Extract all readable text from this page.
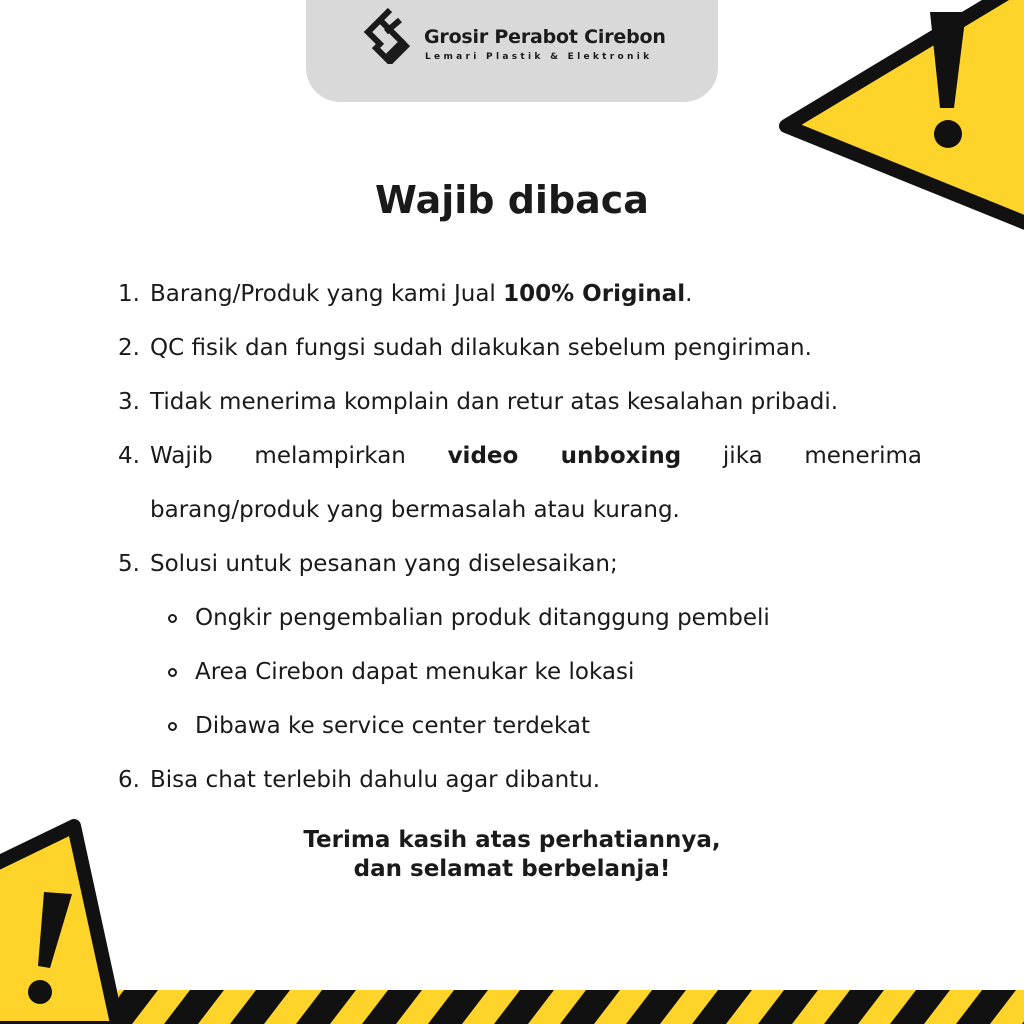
Grosir Perabot Cirebon
Lemari Plastik & Elektronik
Wajib dibaca
1. Barang/Produk yang kami Jual 100% Original.
2. QC fisik dan fungsi sudah dilakukan sebelum pengiriman.
3. Tidak menerima komplain dan retur atas kesalahan pribadi.
4. Wajib melampirkan video unboxing jika menerima
barang/produk yang bermasalah atau kurang.
5. Solusi untuk pesanan yang diselesaikan;
Ongkir pengembalian produk ditanggung pembeli
Area Cirebon dapat menukar ke lokasi
Dibawa ke service center terdekat
6. Bisa chat terlebih dahulu agar dibantu.
Terima kasih atas perhatiannya,
dan selamat berbelanja!
